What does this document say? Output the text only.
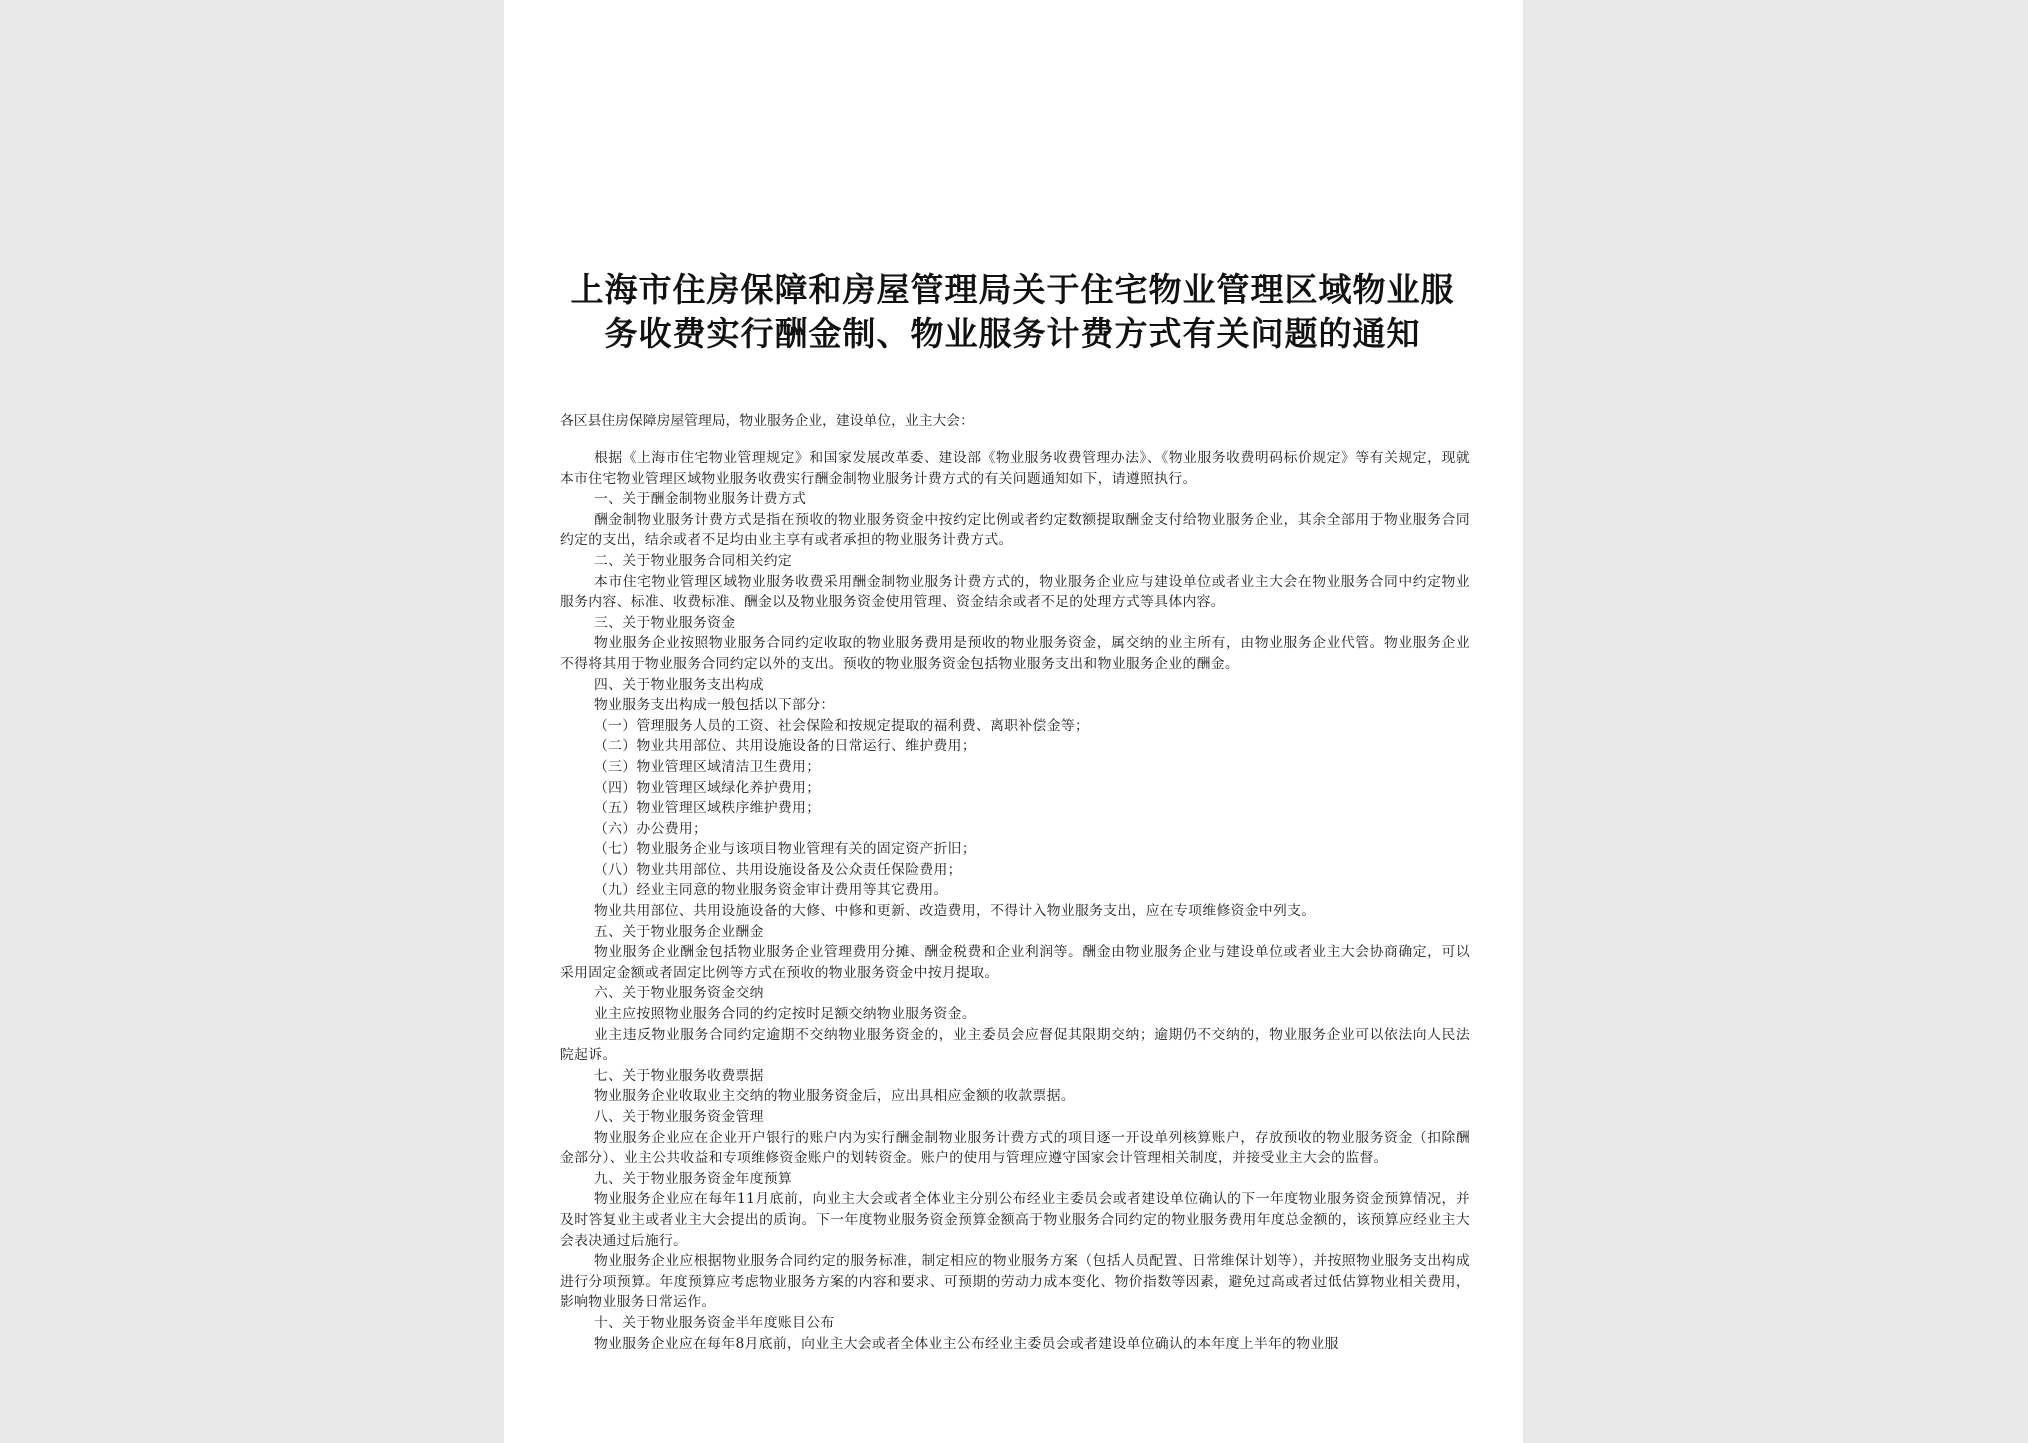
上海市住房保障和房屋管理局关于住宅物业管理区域物业服务收费实行酬金制、物业服务计费方式有关问题的通知

各区县住房保障房屋管理局，物业服务企业，建设单位，业主大会：

根据《上海市住宅物业管理规定》和国家发展改革委、建设部《物业服务收费管理办法》、《物业服务收费明码标价规定》等有关规定，现就本市住宅物业管理区域物业服务收费实行酬金制物业服务计费方式的有关问题通知如下，请遵照执行。

一、关于酬金制物业服务计费方式

酬金制物业服务计费方式是指在预收的物业服务资金中按约定比例或者约定数额提取酬金支付给物业服务企业，其余全部用于物业服务合同约定的支出，结余或者不足均由业主享有或者承担的物业服务计费方式。

二、关于物业服务合同相关约定

本市住宅物业管理区域物业服务收费采用酬金制物业服务计费方式的，物业服务企业应与建设单位或者业主大会在物业服务合同中约定物业服务内容、标准、收费标准、酬金以及物业服务资金使用管理、资金结余或者不足的处理方式等具体内容。

三、关于物业服务资金

物业服务企业按照物业服务合同约定收取的物业服务费用是预收的物业服务资金，属交纳的业主所有，由物业服务企业代管。物业服务企业不得将其用于物业服务合同约定以外的支出。预收的物业服务资金包括物业服务支出和物业服务企业的酬金。

四、关于物业服务支出构成

物业服务支出构成一般包括以下部分：

（一）管理服务人员的工资、社会保险和按规定提取的福利费、离职补偿金等；

（二）物业共用部位、共用设施设备的日常运行、维护费用；

（三）物业管理区域清洁卫生费用；

（四）物业管理区域绿化养护费用；

（五）物业管理区域秩序维护费用；

（六）办公费用；

（七）物业服务企业与该项目物业管理有关的固定资产折旧；

（八）物业共用部位、共用设施设备及公众责任保险费用；

（九）经业主同意的物业服务资金审计费用等其它费用。

物业共用部位、共用设施设备的大修、中修和更新、改造费用，不得计入物业服务支出，应在专项维修资金中列支。

五、关于物业服务企业酬金

物业服务企业酬金包括物业服务企业管理费用分摊、酬金税费和企业利润等。酬金由物业服务企业与建设单位或者业主大会协商确定，可以采用固定金额或者固定比例等方式在预收的物业服务资金中按月提取。

六、关于物业服务资金交纳

业主应按照物业服务合同的约定按时足额交纳物业服务资金。

业主违反物业服务合同约定逾期不交纳物业服务资金的，业主委员会应督促其限期交纳；逾期仍不交纳的，物业服务企业可以依法向人民法院起诉。

七、关于物业服务收费票据

物业服务企业收取业主交纳的物业服务资金后，应出具相应金额的收款票据。

八、关于物业服务资金管理

物业服务企业应在企业开户银行的账户内为实行酬金制物业服务计费方式的项目逐一开设单列核算账户，存放预收的物业服务资金（扣除酬金部分）、业主公共收益和专项维修资金账户的划转资金。账户的使用与管理应遵守国家会计管理相关制度，并接受业主大会的监督。

九、关于物业服务资金年度预算

物业服务企业应在每年11月底前，向业主大会或者全体业主分别公布经业主委员会或者建设单位确认的下一年度物业服务资金预算情况，并及时答复业主或者业主大会提出的质询。下一年度物业服务资金预算金额高于物业服务合同约定的物业服务费用年度总金额的，该预算应经业主大会表决通过后施行。

物业服务企业应根据物业服务合同约定的服务标准，制定相应的物业服务方案（包括人员配置、日常维保计划等），并按照物业服务支出构成进行分项预算。年度预算应考虑物业服务方案的内容和要求、可预期的劳动力成本变化、物价指数等因素，避免过高或者过低估算物业相关费用，影响物业服务日常运作。

十、关于物业服务资金半年度账目公布

物业服务企业应在每年8月底前，向业主大会或者全体业主公布经业主委员会或者建设单位确认的本年度上半年的物业服
